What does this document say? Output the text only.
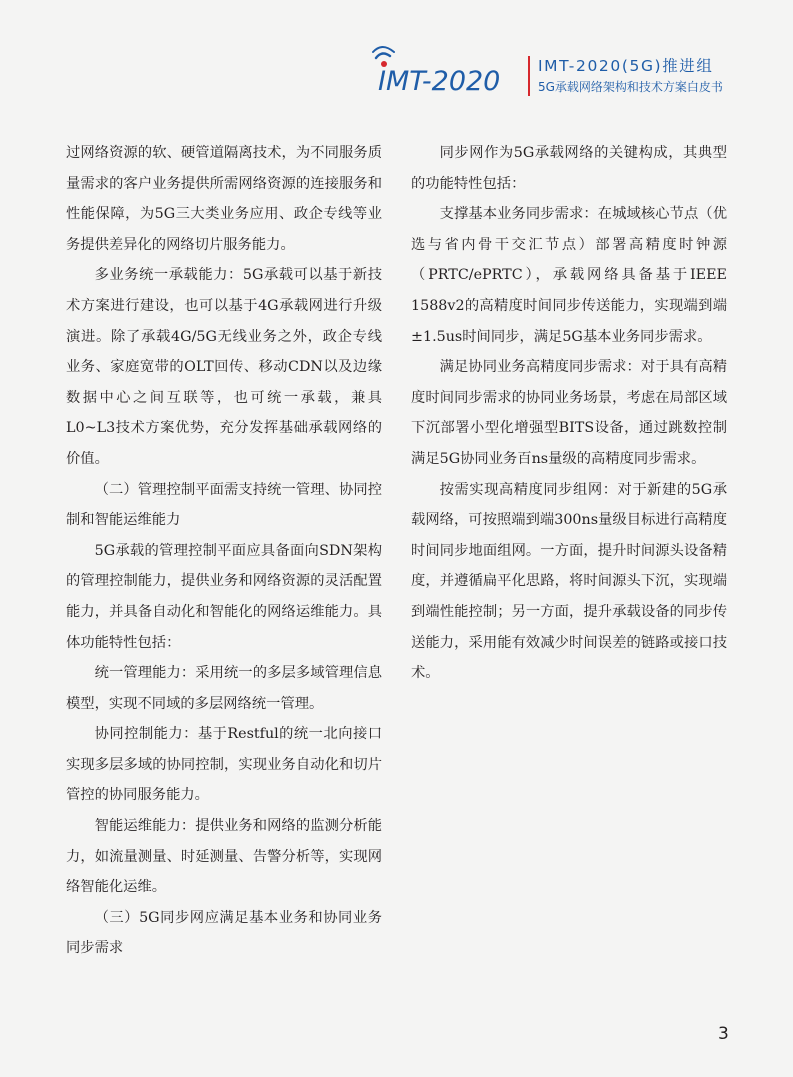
IMT-2020 IMT-2020(5G)推进组
5G承载网络架构和技术方案白皮书

过网络资源的软、硬管道隔离技术，为不同服务质量需求的客户业务提供所需网络资源的连接服务和性能保障，为5G三大类业务应用、政企专线等业务提供差异化的网络切片服务能力。

多业务统一承载能力：5G承载可以基于新技术方案进行建设，也可以基于4G承载网进行升级演进。除了承载4G/5G无线业务之外，政企专线业务、家庭宽带的OLT回传、移动CDN以及边缘数据中心之间互联等，也可统一承载，兼具L0~L3技术方案优势，充分发挥基础承载网络的价值。

（二）管理控制平面需支持统一管理、协同控制和智能运维能力

5G承载的管理控制平面应具备面向SDN架构的管理控制能力，提供业务和网络资源的灵活配置能力，并具备自动化和智能化的网络运维能力。具体功能特性包括：

统一管理能力：采用统一的多层多域管理信息模型，实现不同域的多层网络统一管理。

协同控制能力：基于Restful的统一北向接口实现多层多域的协同控制，实现业务自动化和切片管控的协同服务能力。

智能运维能力：提供业务和网络的监测分析能力，如流量测量、时延测量、告警分析等，实现网络智能化运维。

（三）5G同步网应满足基本业务和协同业务同步需求

同步网作为5G承载网络的关键构成，其典型的功能特性包括：

支撑基本业务同步需求：在城域核心节点（优选与省内骨干交汇节点）部署高精度时钟源（PRTC/ePRTC），承载网络具备基于IEEE 1588v2的高精度时间同步传送能力，实现端到端±1.5us时间同步，满足5G基本业务同步需求。

满足协同业务高精度同步需求：对于具有高精度时间同步需求的协同业务场景，考虑在局部区域下沉部署小型化增强型BITS设备，通过跳数控制满足5G协同业务百ns量级的高精度同步需求。

按需实现高精度同步组网：对于新建的5G承载网络，可按照端到端300ns量级目标进行高精度时间同步地面组网。一方面，提升时间源头设备精度，并遵循扁平化思路，将时间源头下沉，实现端到端性能控制；另一方面，提升承载设备的同步传送能力，采用能有效减少时间误差的链路或接口技术。

3
